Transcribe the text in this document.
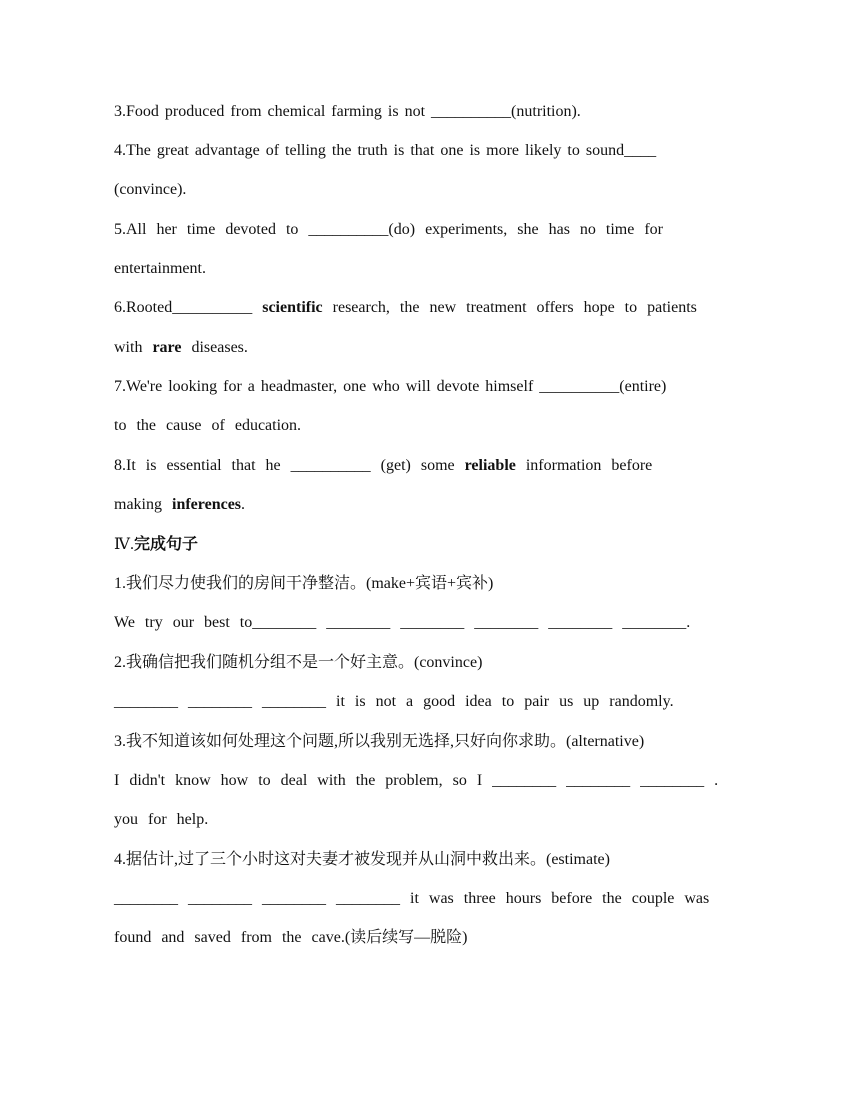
3.Food produced from chemical farming is not __________(nutrition).
4.The great advantage of telling the truth is that one is more likely to sound____
(convince).
5.All her time devoted to __________(do) experiments, she has no time for
entertainment.
6.Rooted__________ scientific research, the new treatment offers hope to patients
with rare diseases.
7.We're looking for a headmaster, one who will devote himself __________(entire)
to the cause of education.
8.It is essential that he __________ (get) some reliable information before
making inferences.
Ⅳ.完成句子
1.我们尽力使我们的房间干净整洁。(make+宾语+宾补)
We try our best to________ ________ ________ ________ ________ ________.
2.我确信把我们随机分组不是一个好主意。(convince)
________ ________ ________ it is not a good idea to pair us up randomly.
3.我不知道该如何处理这个问题,所以我别无选择,只好向你求助。(alternative)
I didn't know how to deal with the problem, so I ________ ________ ________ .
you for help.
4.据估计,过了三个小时这对夫妻才被发现并从山洞中救出来。(estimate)
________ ________ ________ ________ it was three hours before the couple was
found and saved from the cave.(读后续写—脱险)
